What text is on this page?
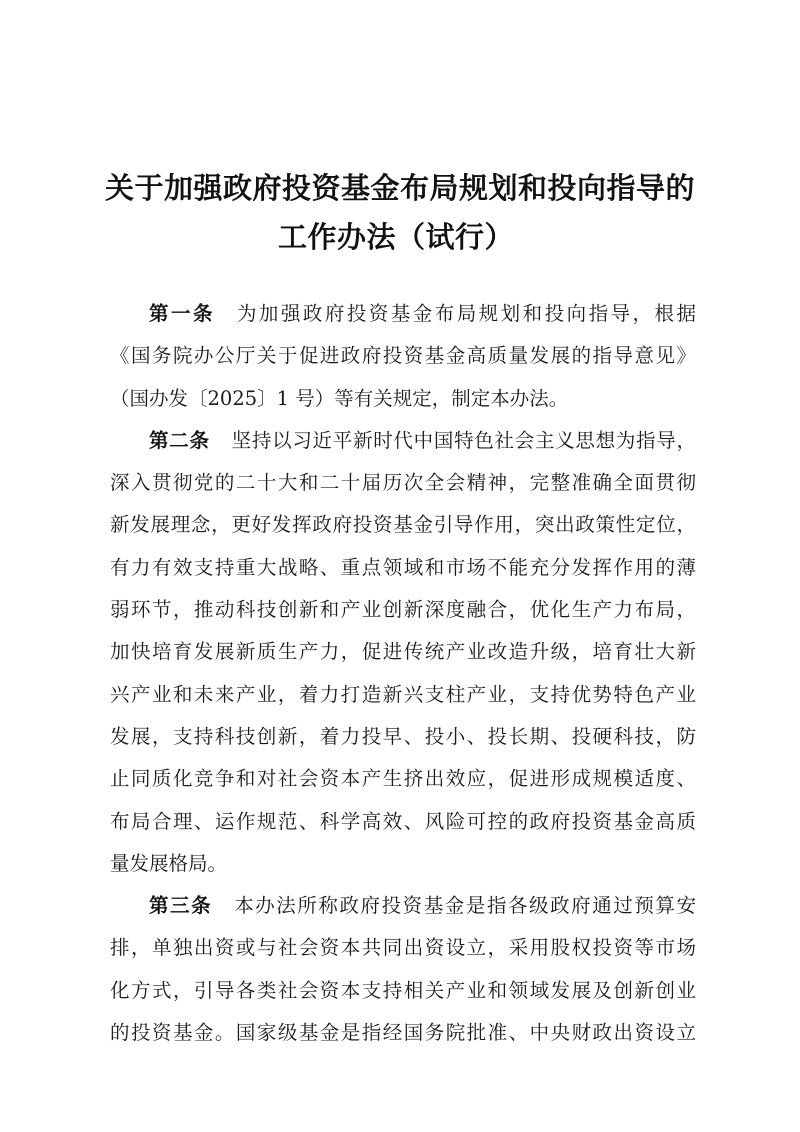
关于加强政府投资基金布局规划和投向指导的
工作办法（试行）
第一条 为加强政府投资基金布局规划和投向指导，根据
《国务院办公厅关于促进政府投资基金高质量发展的指导意见》
（国办发〔2025〕1 号）等有关规定，制定本办法。
第二条 坚持以习近平新时代中国特色社会主义思想为指导，
深入贯彻党的二十大和二十届历次全会精神，完整准确全面贯彻
新发展理念，更好发挥政府投资基金引导作用，突出政策性定位，
有力有效支持重大战略、重点领域和市场不能充分发挥作用的薄
弱环节，推动科技创新和产业创新深度融合，优化生产力布局，
加快培育发展新质生产力，促进传统产业改造升级，培育壮大新
兴产业和未来产业，着力打造新兴支柱产业，支持优势特色产业
发展，支持科技创新，着力投早、投小、投长期、投硬科技，防
止同质化竞争和对社会资本产生挤出效应，促进形成规模适度、
布局合理、运作规范、科学高效、风险可控的政府投资基金高质
量发展格局。
第三条 本办法所称政府投资基金是指各级政府通过预算安
排，单独出资或与社会资本共同出资设立，采用股权投资等市场
化方式，引导各类社会资本支持相关产业和领域发展及创新创业
的投资基金。国家级基金是指经国务院批准、中央财政出资设立
